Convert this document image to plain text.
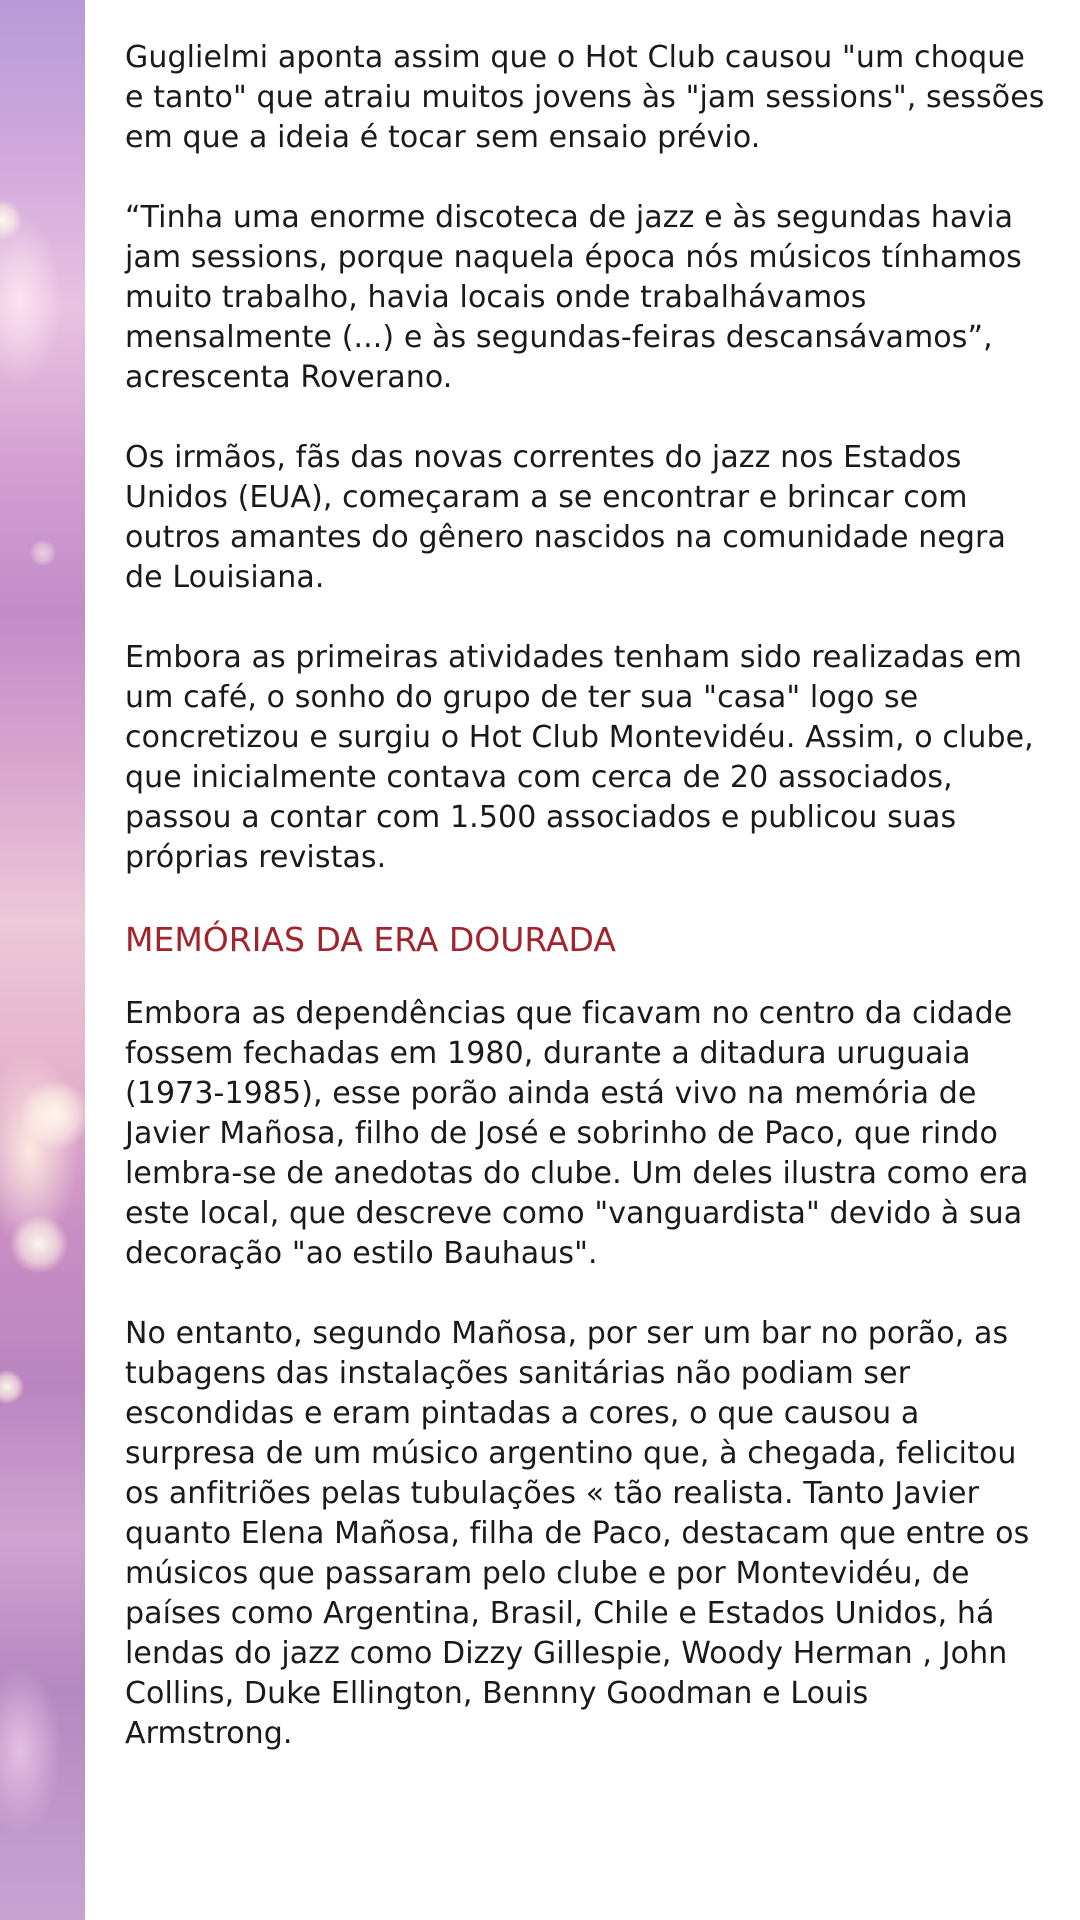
Guglielmi aponta assim que o Hot Club causou "um choque e tanto" que atraiu muitos jovens às "jam sessions", sessões em que a ideia é tocar sem ensaio prévio.

“Tinha uma enorme discoteca de jazz e às segundas havia jam sessions, porque naquela época nós músicos tínhamos muito trabalho, havia locais onde trabalhávamos mensalmente (...) e às segundas-feiras descansávamos”, acrescenta Roverano.

Os irmãos, fãs das novas correntes do jazz nos Estados Unidos (EUA), começaram a se encontrar e brincar com outros amantes do gênero nascidos na comunidade negra de Louisiana.

Embora as primeiras atividades tenham sido realizadas em um café, o sonho do grupo de ter sua "casa" logo se concretizou e surgiu o Hot Club Montevidéu. Assim, o clube, que inicialmente contava com cerca de 20 associados, passou a contar com 1.500 associados e publicou suas próprias revistas.

MEMÓRIAS DA ERA DOURADA

Embora as dependências que ficavam no centro da cidade fossem fechadas em 1980, durante a ditadura uruguaia (1973-1985), esse porão ainda está vivo na memória de Javier Mañosa, filho de José e sobrinho de Paco, que rindo lembra-se de anedotas do clube. Um deles ilustra como era este local, que descreve como "vanguardista" devido à sua decoração "ao estilo Bauhaus".

No entanto, segundo Mañosa, por ser um bar no porão, as tubagens das instalações sanitárias não podiam ser escondidas e eram pintadas a cores, o que causou a surpresa de um músico argentino que, à chegada, felicitou os anfitriões pelas tubulações « tão realista. Tanto Javier quanto Elena Mañosa, filha de Paco, destacam que entre os músicos que passaram pelo clube e por Montevidéu, de países como Argentina, Brasil, Chile e Estados Unidos, há lendas do jazz como Dizzy Gillespie, Woody Herman , John Collins, Duke Ellington, Bennny Goodman e Louis Armstrong.
